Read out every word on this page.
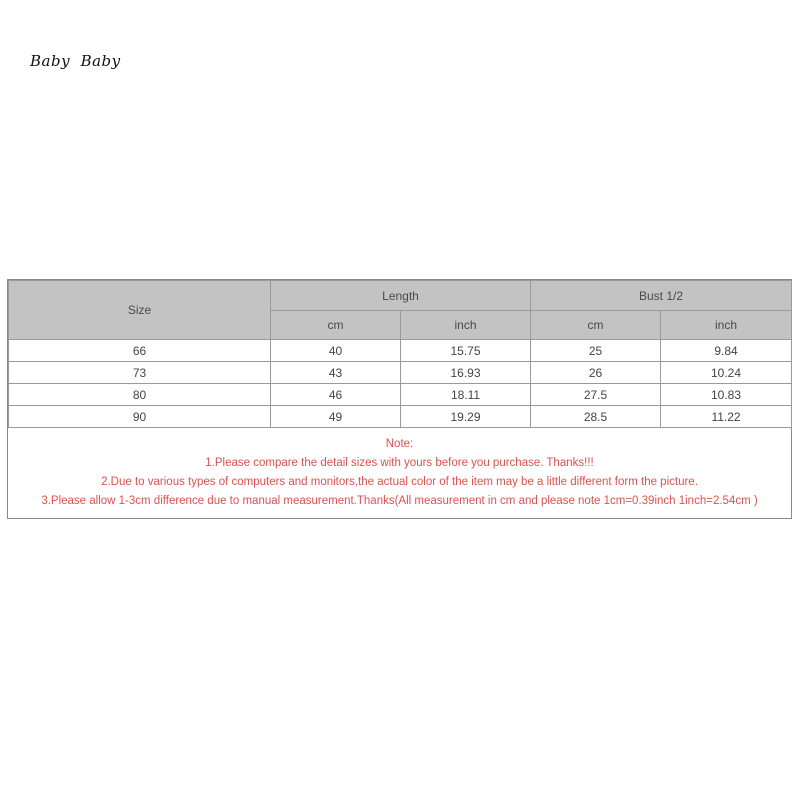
Baby  Baby
Size	Length		Bust 1/2	
	cm	inch	cm	inch
66	40	15.75	25	9.84
73	43	16.93	26	10.24
80	46	18.11	27.5	10.83
90	49	19.29	28.5	11.22
Note:
1.Please compare the detail sizes with yours before you purchase. Thanks!!!
2.Due to various types of computers and monitors,the actual color of the item may be a little different form the picture.
3.Please allow 1-3cm difference due to manual measurement.Thanks(All measurement in cm and please note 1cm=0.39inch 1inch=2.54cm )
